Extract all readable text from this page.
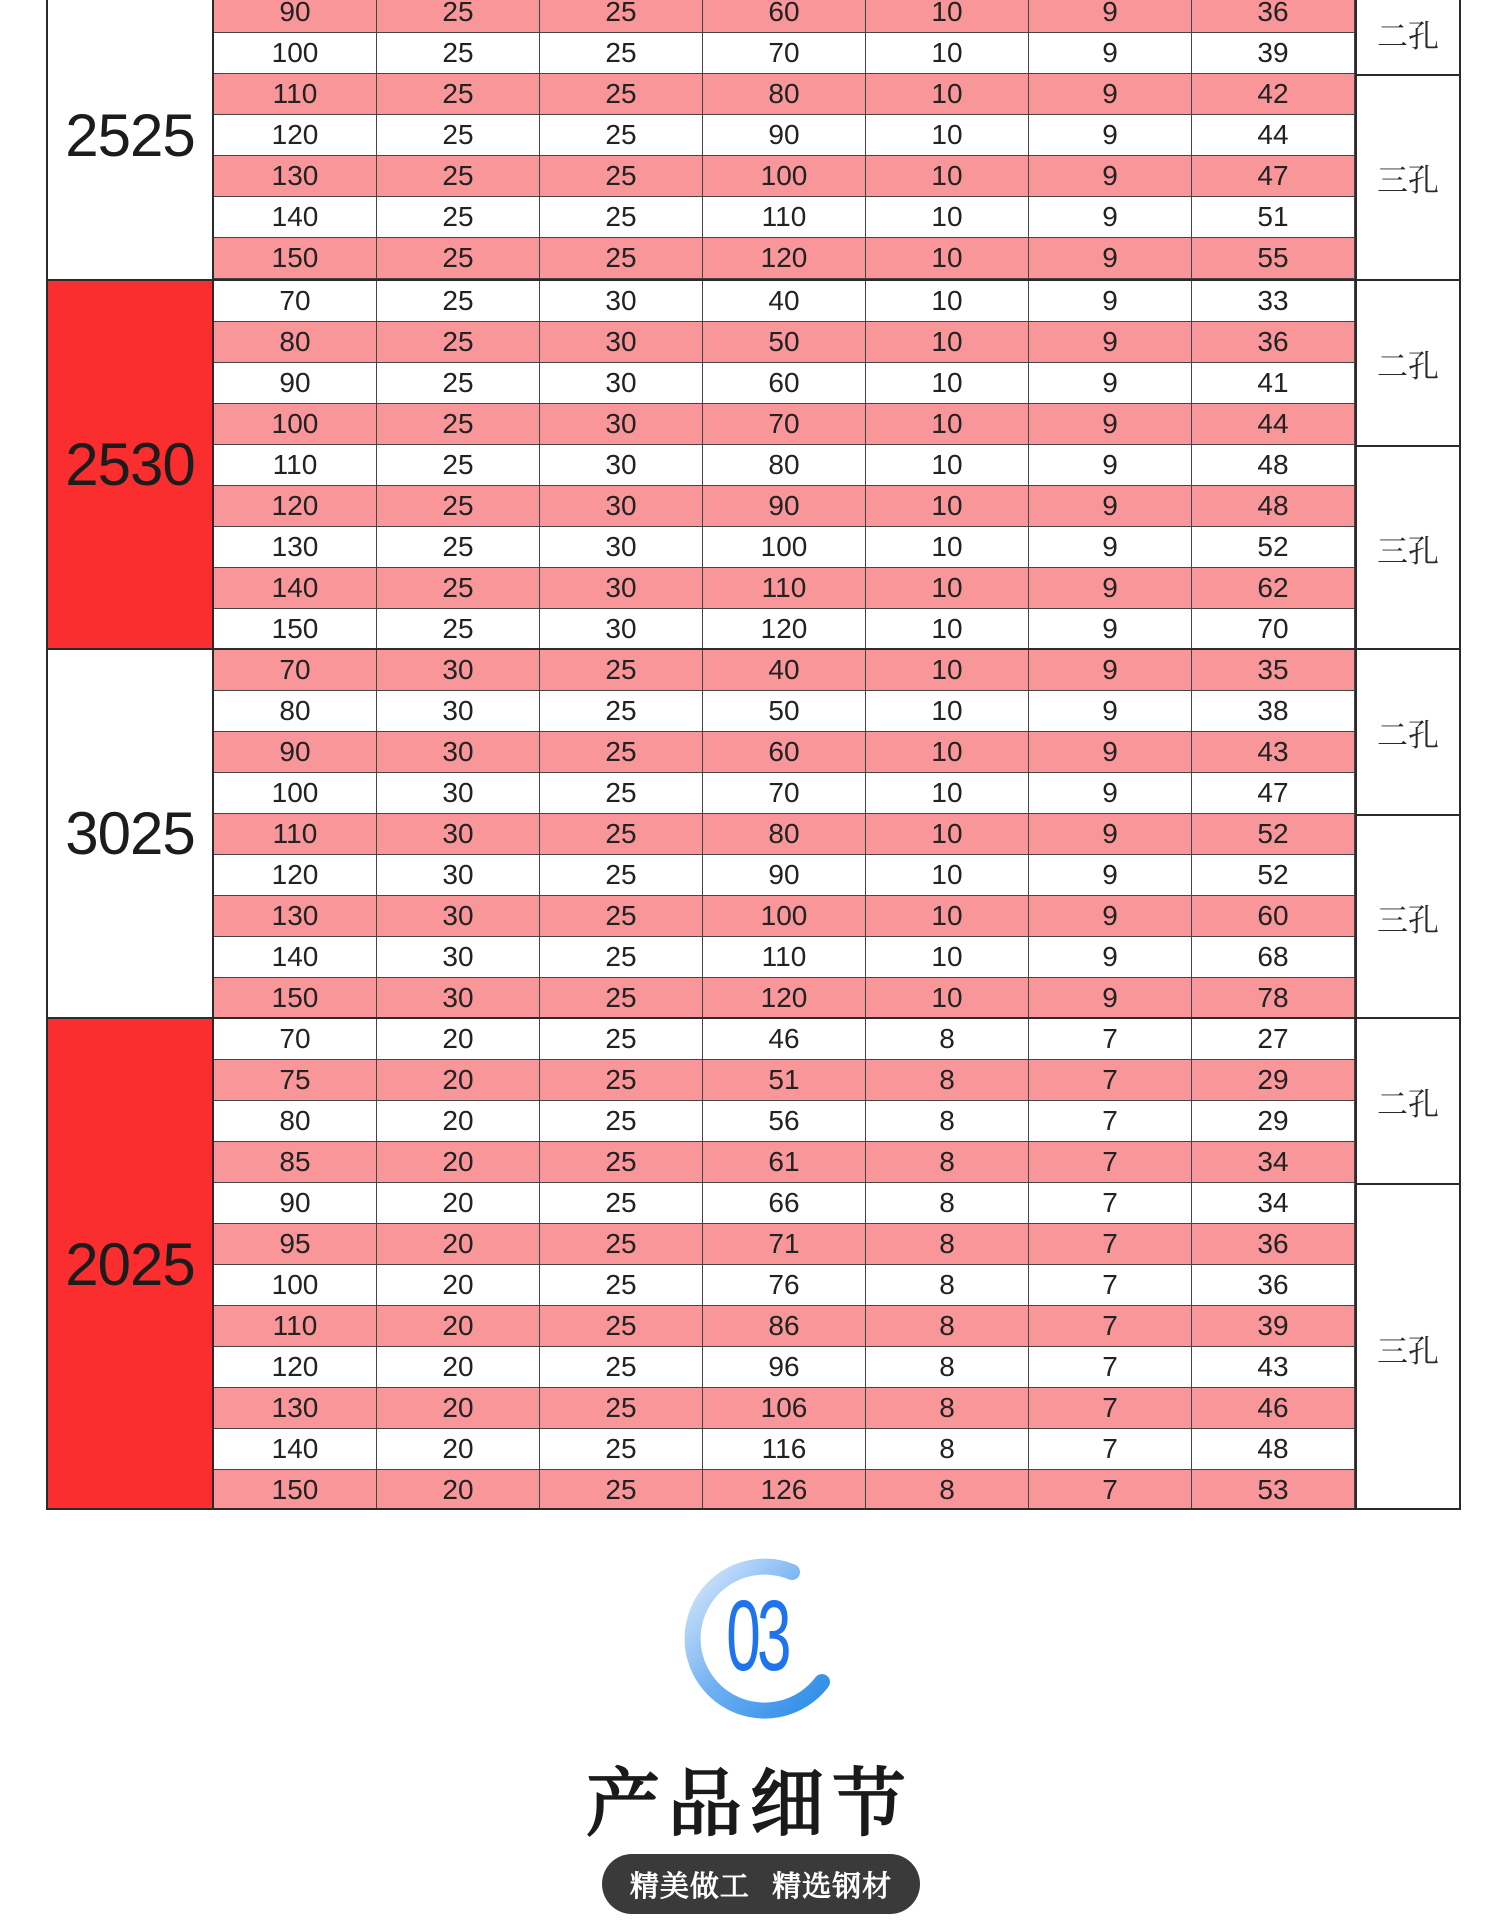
2525
90	25	25	60	10	9	36
100	25	25	70	10	9	39
110	25	25	80	10	9	42
120	25	25	90	10	9	44
130	25	25	100	10	9	47
140	25	25	110	10	9	51
150	25	25	120	10	9	55
二孔
三孔
2530
70	25	30	40	10	9	33
80	25	30	50	10	9	36
90	25	30	60	10	9	41
100	25	30	70	10	9	44
110	25	30	80	10	9	48
120	25	30	90	10	9	48
130	25	30	100	10	9	52
140	25	30	110	10	9	62
150	25	30	120	10	9	70
二孔
三孔
3025
70	30	25	40	10	9	35
80	30	25	50	10	9	38
90	30	25	60	10	9	43
100	30	25	70	10	9	47
110	30	25	80	10	9	52
120	30	25	90	10	9	52
130	30	25	100	10	9	60
140	30	25	110	10	9	68
150	30	25	120	10	9	78
二孔
三孔
2025
70	20	25	46	8	7	27
75	20	25	51	8	7	29
80	20	25	56	8	7	29
85	20	25	61	8	7	34
90	20	25	66	8	7	34
95	20	25	71	8	7	36
100	20	25	76	8	7	36
110	20	25	86	8	7	39
120	20	25	96	8	7	43
130	20	25	106	8	7	46
140	20	25	116	8	7	48
150	20	25	126	8	7	53
二孔
三孔
03
产品细节
精美做工  精选钢材
